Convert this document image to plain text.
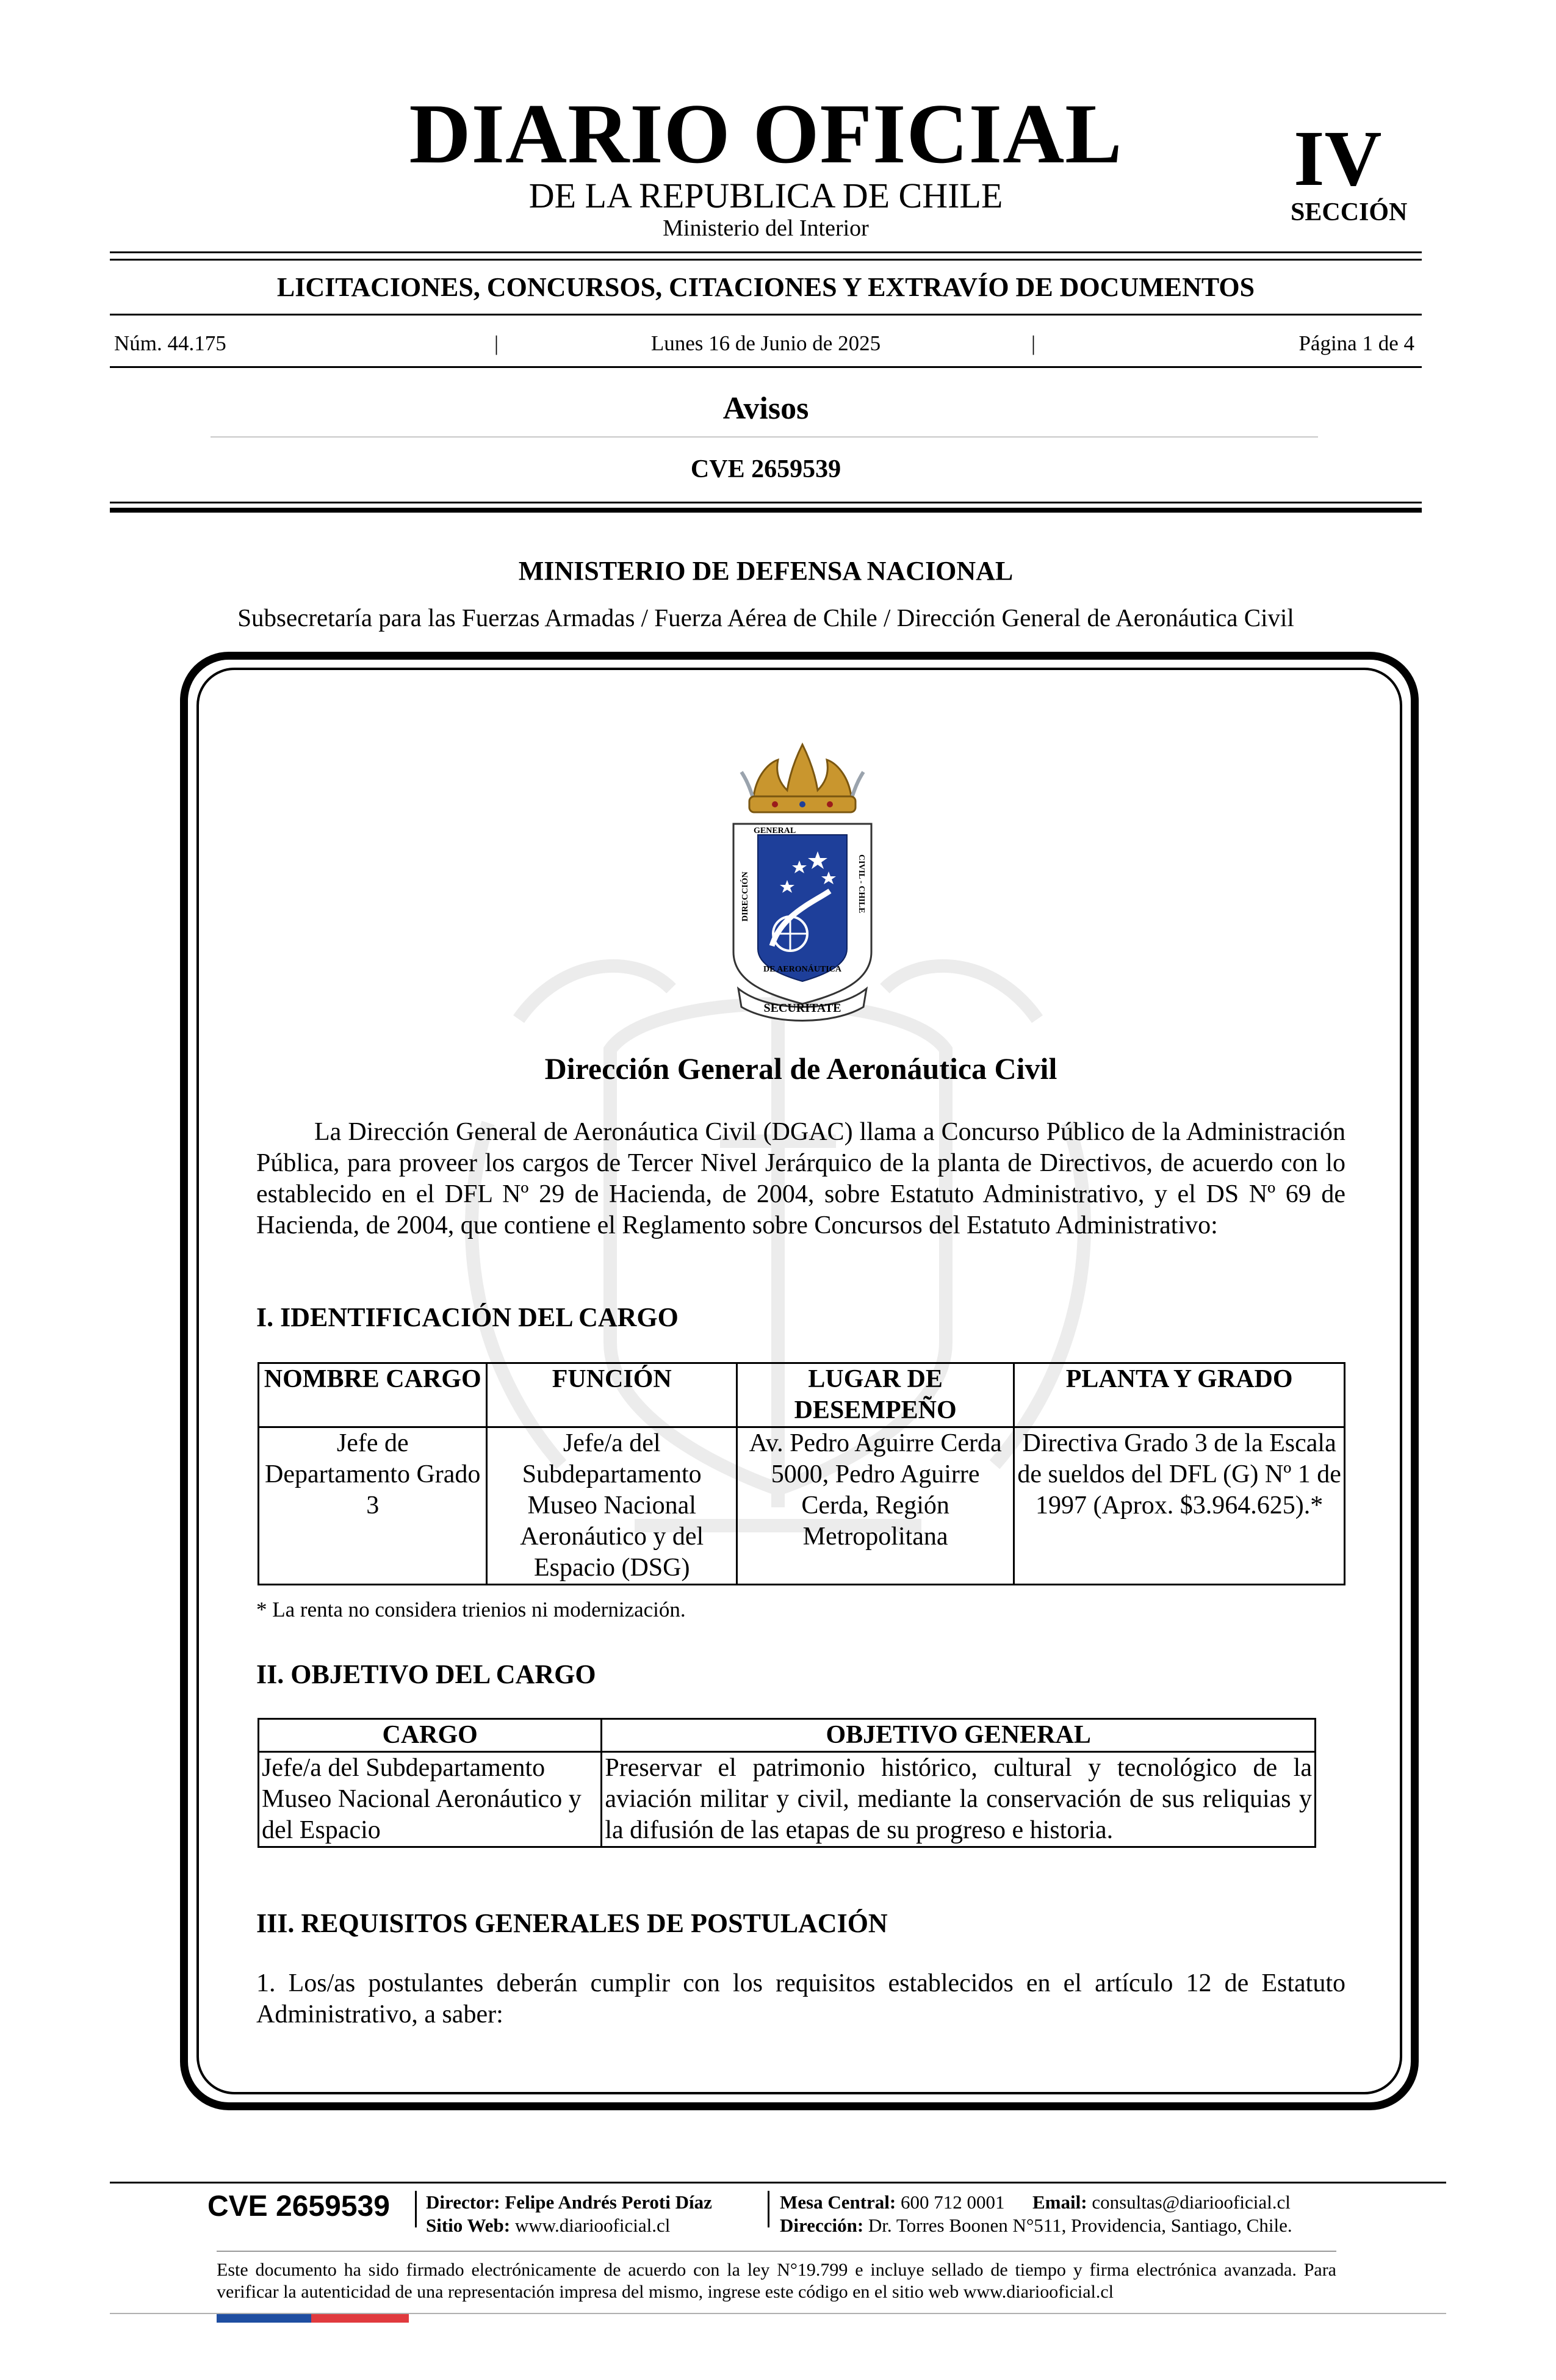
DIARIO OFICIAL
DE LA REPUBLICA DE CHILE
Ministerio del Interior
IV
SECCIÓN
LICITACIONES, CONCURSOS, CITACIONES Y EXTRAVÍO DE DOCUMENTOS
Núm. 44.175	|	Lunes 16 de Junio de 2025	|	Página 1 de 4
Avisos
CVE 2659539
MINISTERIO DE DEFENSA NACIONAL
Subsecretaría para las Fuerzas Armadas / Fuerza Aérea de Chile / Dirección General de Aeronáutica Civil
GENERAL
DIRECCIÓN	CIVIL - CHILE
DE AERONÁUTICA
SECURITATE
Dirección General de Aeronáutica Civil
La Dirección General de Aeronáutica Civil (DGAC) llama a Concurso Público de la Administración Pública, para proveer los cargos de Tercer Nivel Jerárquico de la planta de Directivos, de acuerdo con lo establecido en el DFL Nº 29 de Hacienda, de 2004, sobre Estatuto Administrativo, y el DS Nº 69 de Hacienda, de 2004, que contiene el Reglamento sobre Concursos del Estatuto Administrativo:
I. IDENTIFICACIÓN DEL CARGO
NOMBRE CARGO	FUNCIÓN	LUGAR DE DESEMPEÑO	PLANTA Y GRADO
Jefe de Departamento Grado 3	Jefe/a del Subdepartamento Museo Nacional Aeronáutico y del Espacio (DSG)	Av. Pedro Aguirre Cerda 5000, Pedro Aguirre Cerda, Región Metropolitana	Directiva Grado 3 de la Escala de sueldos del DFL (G) Nº 1 de 1997 (Aprox. $3.964.625).*
* La renta no considera trienios ni modernización.
II. OBJETIVO DEL CARGO
CARGO	OBJETIVO GENERAL
Jefe/a del Subdepartamento Museo Nacional Aeronáutico y del Espacio	Preservar el patrimonio histórico, cultural y tecnológico de la aviación militar y civil, mediante la conservación de sus reliquias y la difusión de las etapas de su progreso e historia.
III. REQUISITOS GENERALES DE POSTULACIÓN
1. Los/as postulantes deberán cumplir con los requisitos establecidos en el artículo 12 de Estatuto Administrativo, a saber:
CVE 2659539 Director: Felipe Andrés Peroti Díaz
Sitio Web: www.diariooficial.cl
Mesa Central: 600 712 0001 Email: consultas@diariooficial.cl
Dirección: Dr. Torres Boonen N°511, Providencia, Santiago, Chile.
Este documento ha sido firmado electrónicamente de acuerdo con la ley N°19.799 e incluye sellado de tiempo y firma electrónica avanzada. Para verificar la autenticidad de una representación impresa del mismo, ingrese este código en el sitio web www.diariooficial.cl
